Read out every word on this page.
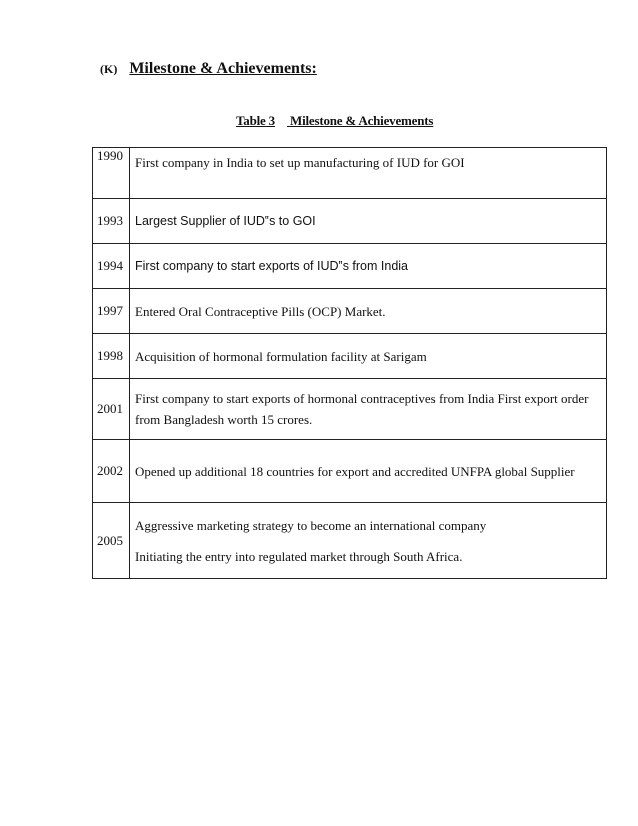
(K) Milestone & Achievements:
Table 3 Milestone & Achievements
1990	First company in India to set up manufacturing of IUD for GOI
1993	Largest Supplier of IUD‟s to GOI
1994	First company to start exports of IUD‟s from India
1997	Entered Oral Contraceptive Pills (OCP) Market.
1998	Acquisition of hormonal formulation facility at Sarigam
2001	First company to start exports of hormonal contraceptives from India First export order from Bangladesh worth 15 crores.
2002	Opened up additional 18 countries for export and accredited UNFPA global Supplier
2005	Aggressive marketing strategy to become an international company
Initiating the entry into regulated market through South Africa.
